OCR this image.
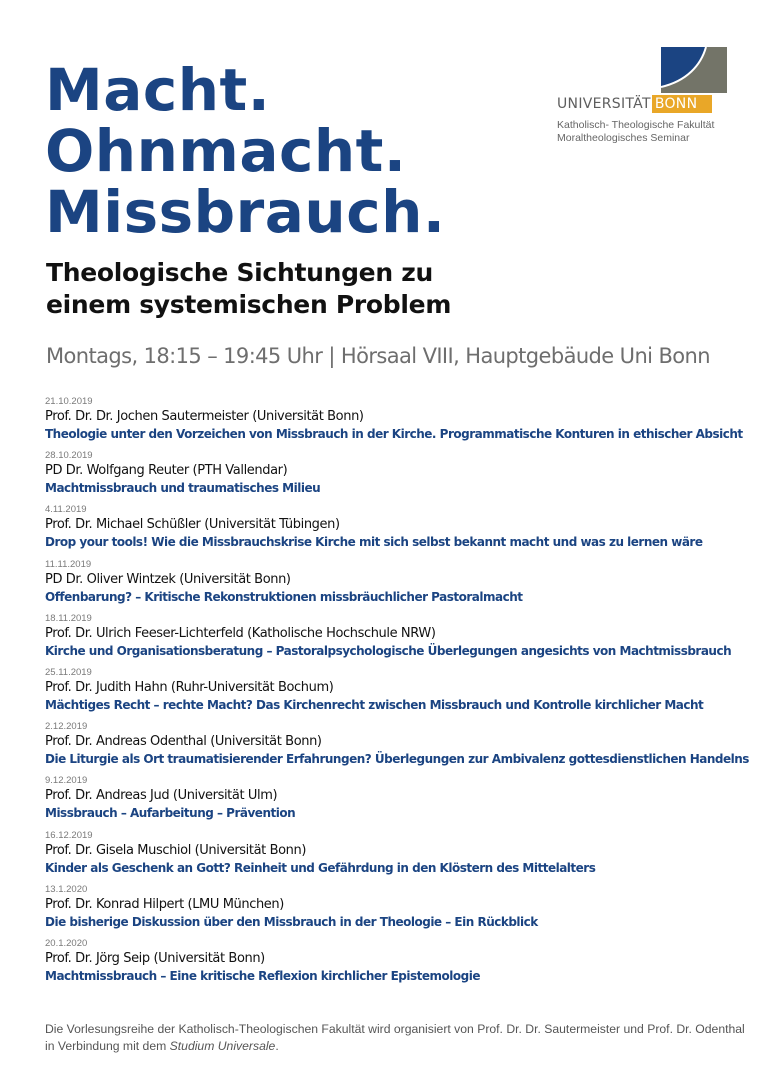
Macht.
Ohnmacht.
Missbrauch.
Theologische Sichtungen zu
einem systemischen Problem
Montags, 18:15 – 19:45 Uhr | Hörsaal VIII, Hauptgebäude Uni Bonn
UNIVERSITÄT BONN
Katholisch- Theologische Fakultät
Moraltheologisches Seminar
21.10.2019
Prof. Dr. Dr. Jochen Sautermeister (Universität Bonn)
Theologie unter den Vorzeichen von Missbrauch in der Kirche. Programmatische Konturen in ethischer Absicht
28.10.2019
PD Dr. Wolfgang Reuter (PTH Vallendar)
Machtmissbrauch und traumatisches Milieu
4.11.2019
Prof. Dr. Michael Schüßler (Universität Tübingen)
Drop your tools! Wie die Missbrauchskrise Kirche mit sich selbst bekannt macht und was zu lernen wäre
11.11.2019
PD Dr. Oliver Wintzek (Universität Bonn)
Offenbarung? – Kritische Rekonstruktionen missbräuchlicher Pastoralmacht
18.11.2019
Prof. Dr. Ulrich Feeser-Lichterfeld (Katholische Hochschule NRW)
Kirche und Organisationsberatung – Pastoralpsychologische Überlegungen angesichts von Machtmissbrauch
25.11.2019
Prof. Dr. Judith Hahn (Ruhr-Universität Bochum)
Mächtiges Recht – rechte Macht? Das Kirchenrecht zwischen Missbrauch und Kontrolle kirchlicher Macht
2.12.2019
Prof. Dr. Andreas Odenthal (Universität Bonn)
Die Liturgie als Ort traumatisierender Erfahrungen? Überlegungen zur Ambivalenz gottesdienstlichen Handelns
9.12.2019
Prof. Dr. Andreas Jud (Universität Ulm)
Missbrauch – Aufarbeitung – Prävention
16.12.2019
Prof. Dr. Gisela Muschiol (Universität Bonn)
Kinder als Geschenk an Gott? Reinheit und Gefährdung in den Klöstern des Mittelalters
13.1.2020
Prof. Dr. Konrad Hilpert (LMU München)
Die bisherige Diskussion über den Missbrauch in der Theologie – Ein Rückblick
20.1.2020
Prof. Dr. Jörg Seip (Universität Bonn)
Machtmissbrauch – Eine kritische Reflexion kirchlicher Epistemologie
Die Vorlesungsreihe der Katholisch-Theologischen Fakultät wird organisiert von Prof. Dr. Dr. Sautermeister und Prof. Dr. Odenthal in Verbindung mit dem Studium Universale.
